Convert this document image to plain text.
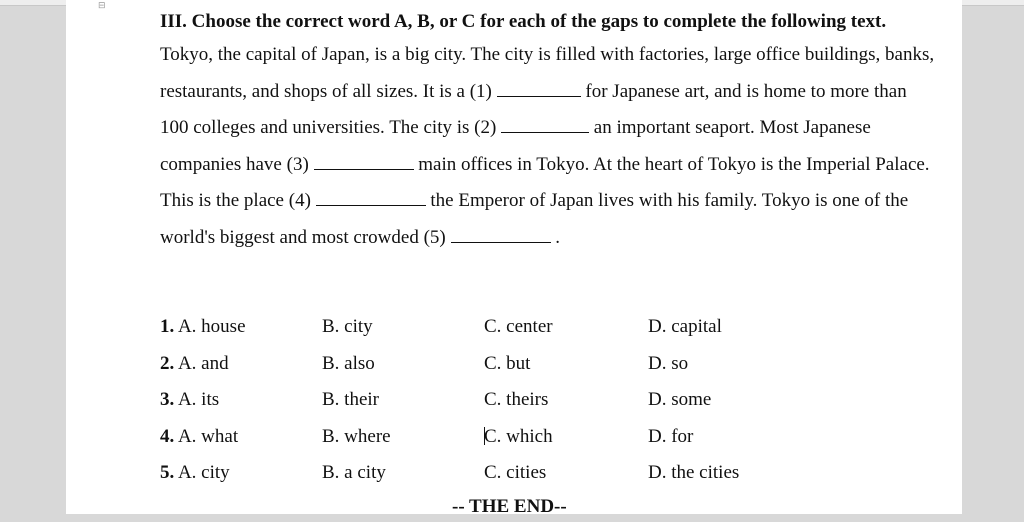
⊟

III. Choose the correct word A, B, or C for each of the gaps to complete the following text.

Tokyo, the capital of Japan, is a big city. The city is filled with factories, large office buildings, banks, restaurants, and shops of all sizes. It is a (1)	for Japanese art, and is home to more than 100 colleges and universities. The city is (2)	an important seaport. Most Japanese companies have (3)	main offices in Tokyo. At the heart of Tokyo is the Imperial Palace. This is the place (4)	the Emperor of Japan lives with his family. Tokyo is one of the world's biggest and most crowded (5)	.

1. A. house	B. city	C. center	D. capital
2. A. and	B. also	C. but	D. so
3. A. its	B. their	C. theirs	D. some
4. A. what	B. where	C. which	D. for
5. A. city	B. a city	C. cities	D. the cities
-- THE END--
